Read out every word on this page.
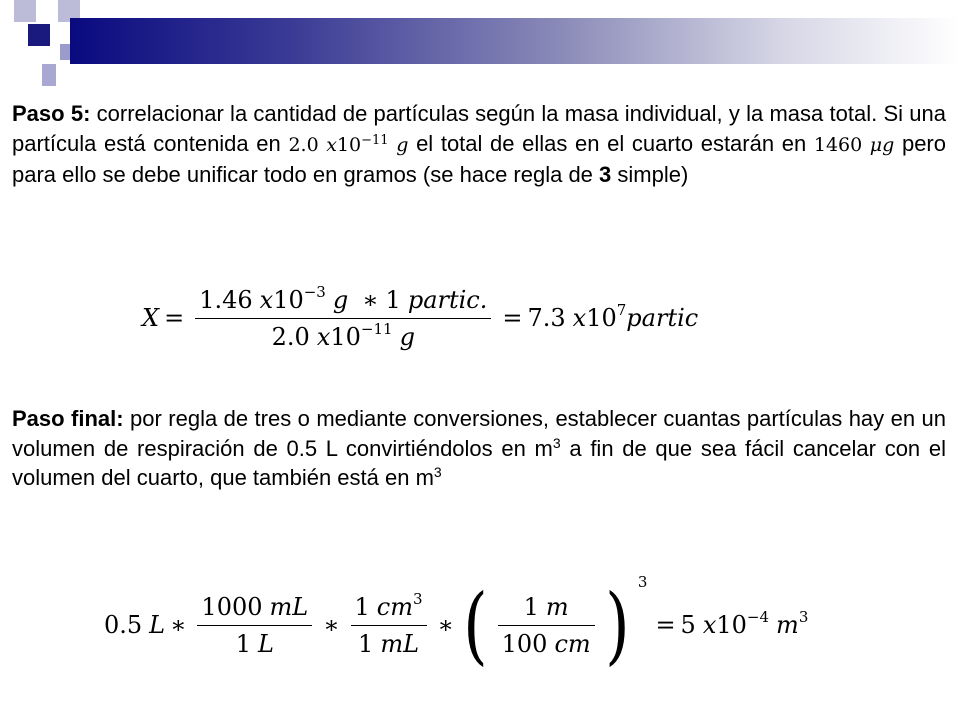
Paso 5: correlacionar la cantidad de partículas según la masa individual, y la masa total. Si una partícula está contenida en 2.0 $x10^{-11}$ g el total de ellas en el cuarto estarán en 1460 μg pero para ello se debe unificar todo en gramos (se hace regla de 3 simple)

$X = \frac{1.46 x10^{-3} g ∗ 1 partic.}{2.0 x10^{-11} g} = 7.3$ $x10^7partic$

Paso final: por regla de tres o mediante conversiones, establecer cuantas partículas hay en un volumen de respiración de 0.5 L convirtiéndolos en $m^3$ a fin de que sea fácil cancelar con el volumen del cuarto, que también está en $m^3$

0.5 L ∗ $\frac{1000 mL}{1 L}$ ∗ $\frac{1 cm^3}{1 mL}$ ∗ ( $\frac{1 m}{100 cm}$ ) 3
= 5 $x10^{-4}$ $m^3$
